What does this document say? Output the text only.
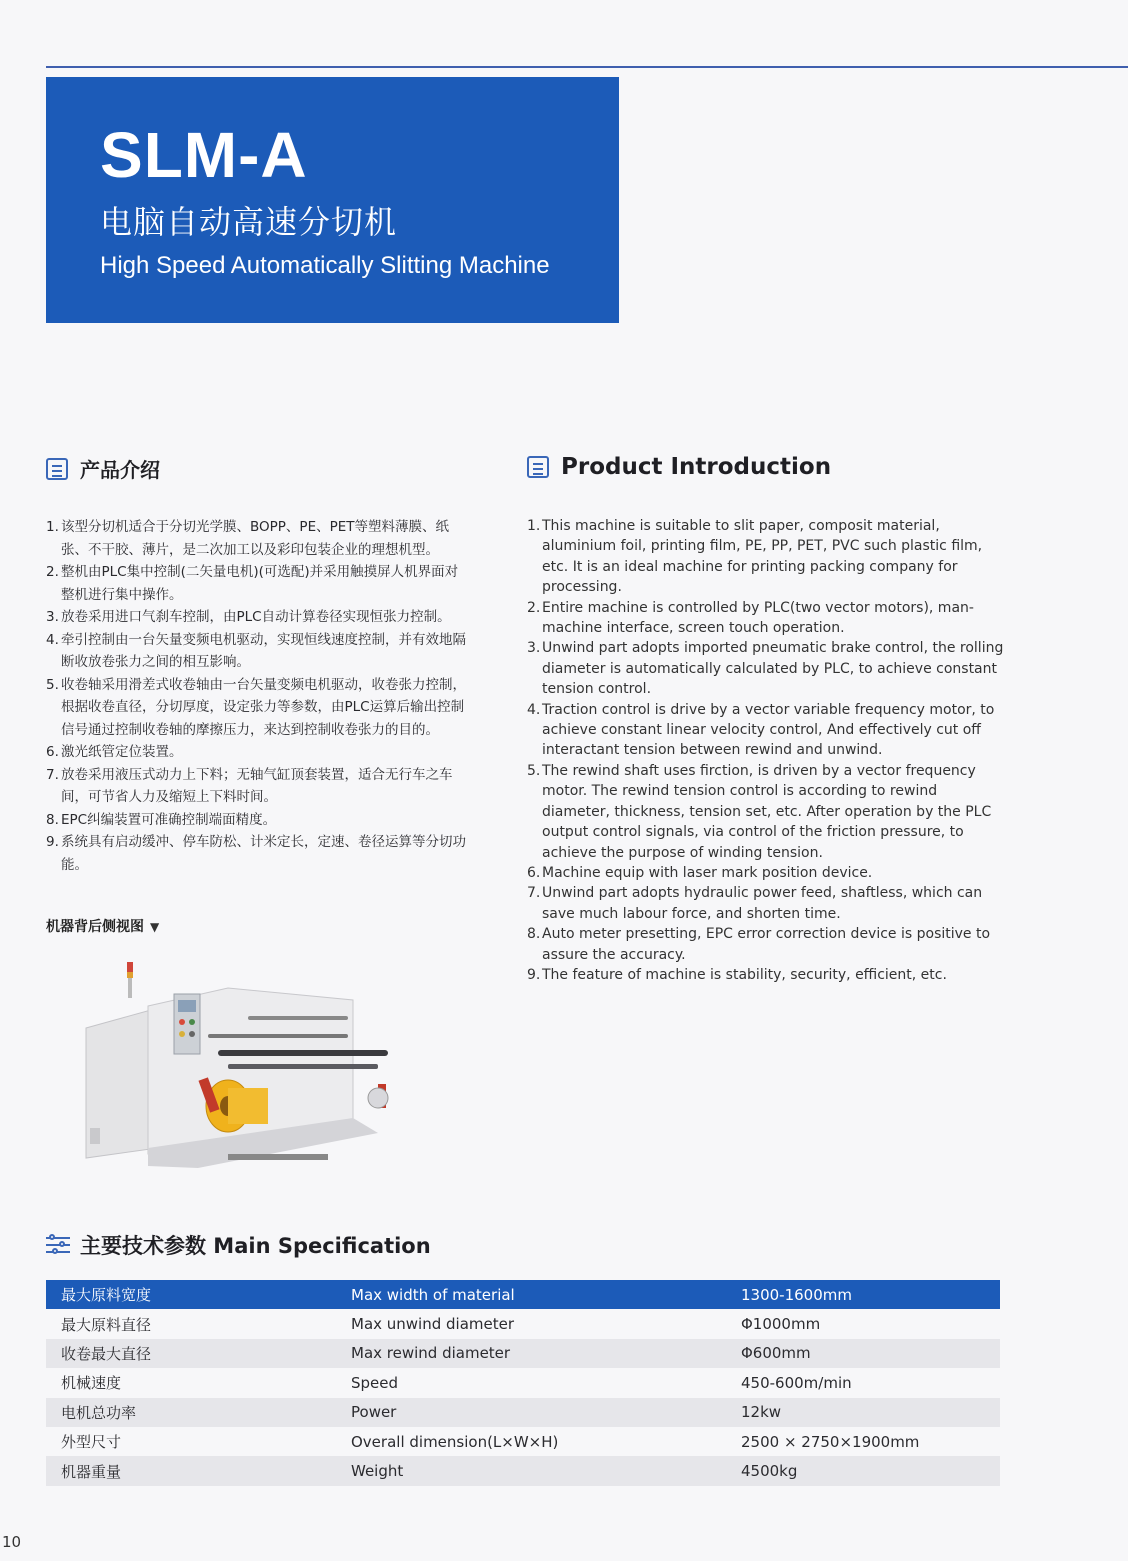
SLM-A
电脑自动高速分切机
High Speed Automatically Slitting Machine
产品介绍
1. 该型分切机适合于分切光学膜、BOPP、PE、PET等塑料薄膜、纸张、不干胶、薄片，是二次加工以及彩印包装企业的理想机型。
2. 整机由PLC集中控制(二矢量电机)(可选配)并采用触摸屏人机界面对整机进行集中操作。
3. 放卷采用进口气刹车控制，由PLC自动计算卷径实现恒张力控制。
4. 牵引控制由一台矢量变频电机驱动，实现恒线速度控制，并有效地隔断收放卷张力之间的相互影响。
5. 收卷轴采用滑差式收卷轴由一台矢量变频电机驱动，收卷张力控制，根据收卷直径，分切厚度，设定张力等参数，由PLC运算后输出控制信号通过控制收卷轴的摩擦压力，来达到控制收卷张力的目的。
6. 激光纸管定位装置。
7. 放卷采用液压式动力上下料；无轴气缸顶套装置，适合无行车之车间，可节省人力及缩短上下料时间。
8. EPC纠编装置可准确控制端面精度。
9. 系统具有启动缓冲、停车防松、计米定长，定速、卷径运算等分切功能。
Product Introduction
1. This machine is suitable to slit paper, composit material, aluminium foil, printing film, PE, PP, PET, PVC such plastic film, etc. It is an ideal machine for printing packing company for processing.
2. Entire machine is controlled by PLC(two vector motors), man-machine interface, screen touch operation.
3. Unwind part adopts imported pneumatic brake control, the rolling diameter is automatically calculated by PLC, to achieve constant tension control.
4. Traction control is drive by a vector variable frequency motor, to achieve constant linear velocity control, And effectively cut off interactant tension between rewind and unwind.
5. The rewind shaft uses firction, is driven by a vector frequency motor. The rewind tension control is according to rewind diameter, thickness, tension set, etc. After operation by the PLC output control signals, via control of the friction pressure, to achieve the purpose of winding tension.
6. Machine equip with laser mark position device.
7. Unwind part adopts hydraulic power feed, shaftless, which can save much labour force, and shorten time.
8. Auto meter presetting, EPC error correction device is positive to assure the accuracy.
9. The feature of machine is stability, security, efficient, etc.
机器背后侧视图 ▼
主要技术参数 Main Specification
最大原料宽度	Max width of material	1300-1600mm
最大原料直径	Max unwind diameter	Φ1000mm
收卷最大直径	Max rewind diameter	Φ600mm
机械速度	Speed	450-600m/min
电机总功率	Power	12kw
外型尺寸	Overall dimension(L×W×H)	2500 × 2750×1900mm
机器重量	Weight	4500kg
10
